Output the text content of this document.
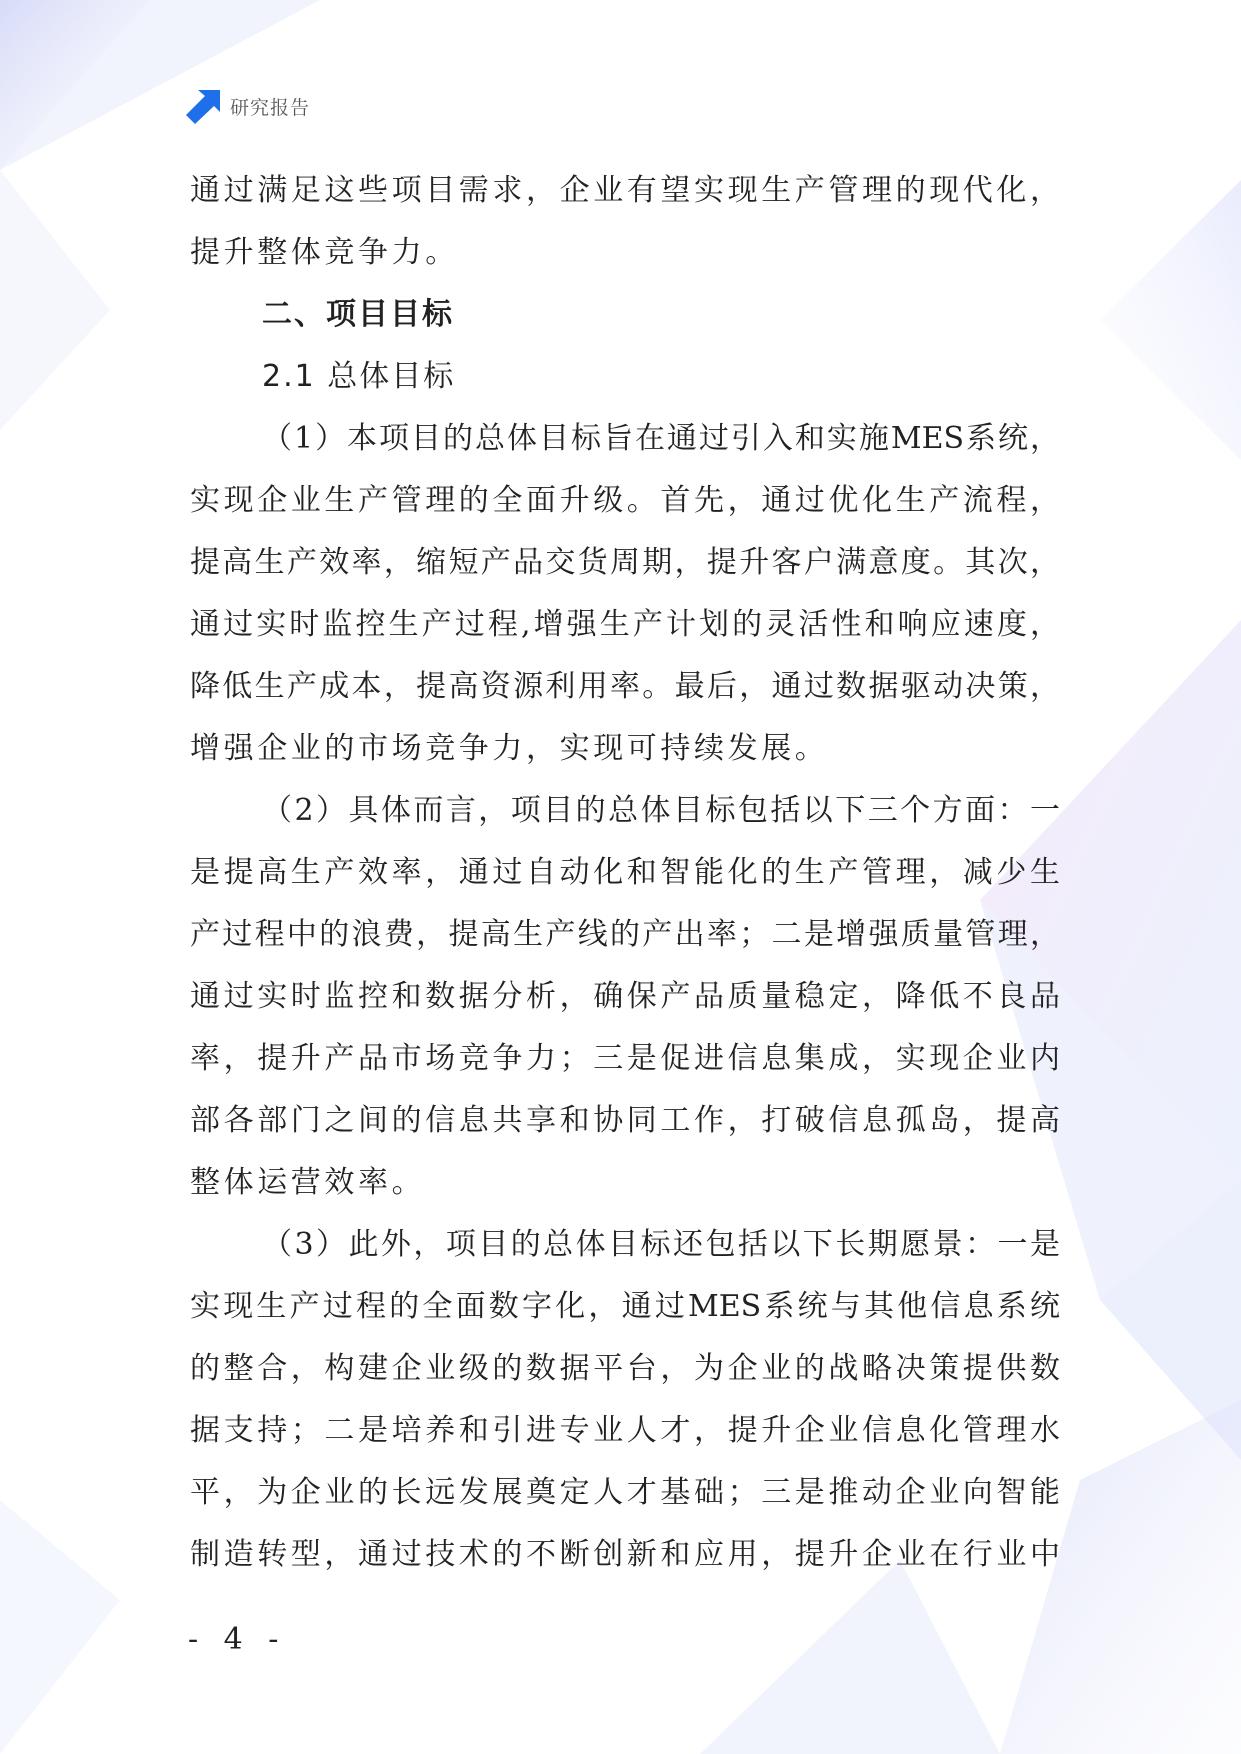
研究报告
通过满足这些项目需求，企业有望实现生产管理的现代化，
提升整体竞争力。
二、项目目标
2.1 总体目标
（1）本项目的总体目标旨在通过引入和实施MES系统，
实现企业生产管理的全面升级。首先，通过优化生产流程，
提高生产效率，缩短产品交货周期，提升客户满意度。其次，
通过实时监控生产过程,增强生产计划的灵活性和响应速度，
降低生产成本，提高资源利用率。最后，通过数据驱动决策，
增强企业的市场竞争力，实现可持续发展。
（2）具体而言，项目的总体目标包括以下三个方面：一
是提高生产效率，通过自动化和智能化的生产管理，减少生
产过程中的浪费，提高生产线的产出率；二是增强质量管理，
通过实时监控和数据分析，确保产品质量稳定，降低不良品
率，提升产品市场竞争力；三是促进信息集成，实现企业内
部各部门之间的信息共享和协同工作，打破信息孤岛，提高
整体运营效率。
（3）此外，项目的总体目标还包括以下长期愿景：一是
实现生产过程的全面数字化，通过MES系统与其他信息系统
的整合，构建企业级的数据平台，为企业的战略决策提供数
据支持；二是培养和引进专业人才，提升企业信息化管理水
平，为企业的长远发展奠定人才基础；三是推动企业向智能
制造转型，通过技术的不断创新和应用，提升企业在行业中
- 4 -
